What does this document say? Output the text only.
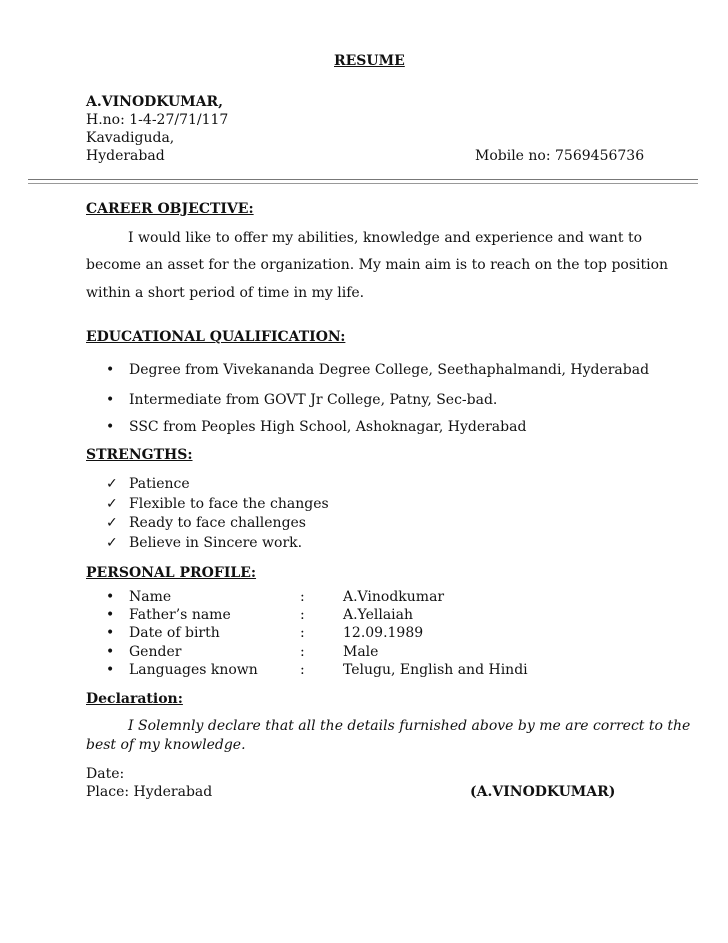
RESUME
A.VINODKUMAR,
H.no: 1-4-27/71/117
Kavadiguda,
Hyderabad	Mobile no: 7569456736
CAREER OBJECTIVE:
I would like to offer my abilities, knowledge and experience and want to
become an asset for the organization. My main aim is to reach on the top position
within a short period of time in my life.
EDUCATIONAL QUALIFICATION:
• Degree from Vivekananda Degree College, Seethaphalmandi, Hyderabad
• Intermediate from GOVT Jr College, Patny, Sec-bad.
• SSC from Peoples High School, Ashoknagar, Hyderabad
STRENGTHS:
✓ Patience
✓ Flexible to face the changes
✓ Ready to face challenges
✓ Believe in Sincere work.
PERSONAL PROFILE:
• Name	:	A.Vinodkumar
• Father’s name	:	A.Yellaiah
• Date of birth	:	12.09.1989
• Gender	:	Male
• Languages known	:	Telugu, English and Hindi
Declaration:
I Solemnly declare that all the details furnished above by me are correct to the
best of my knowledge.
Date:
Place: Hyderabad	(A.VINODKUMAR)
